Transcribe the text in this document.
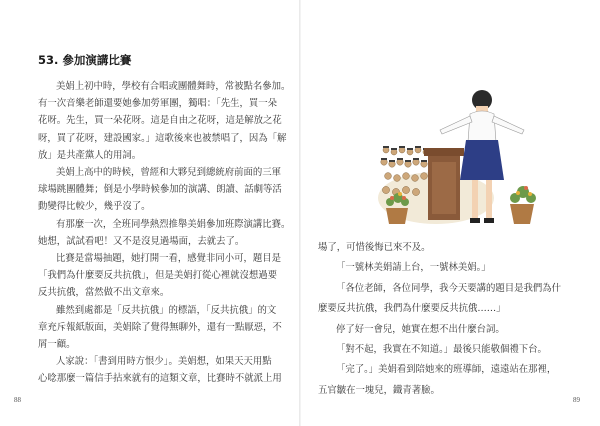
53. 參加演講比賽
美娟上初中時，學校有合唱或團體舞時，常被點名參加。
有一次音樂老師還要她參加勞軍團，獨唱：「先生，買一朵
花呀。先生，買一朵花呀。這是自由之花呀，這是解放之花
呀，買了花呀，建設國家。」這歌後來也被禁唱了，因為「解
放」是共產黨人的用詞。
美娟上高中的時候，曾經和大夥兒到總統府前面的三軍
球場跳團體舞；倒是小學時候參加的演講、朗讀、話劇等活
動變得比較少，幾乎沒了。
有那麼一次，全班同學熱烈推舉美娟參加班際演講比賽。
她想，試試看吧！又不是沒見過場面，去就去了。
比賽是當場抽題，她打開一看，感覺非同小可，題目是
「我們為什麼要反共抗俄」，但是美娟打從心裡就沒想過要
反共抗俄，當然做不出文章來。
雖然到處都是「反共抗俄」的標語，「反共抗俄」的文
章充斥報紙版面，美娟除了覺得無聊外，還有一點厭惡，不
屑一顧。
人家說：「書到用時方恨少」。美娟想，如果天天用點
心唸那麼一篇信手拈來就有的這類文章，比賽時不就派上用
88
場了，可惜後悔已來不及。
「一號林美娟請上台，一號林美娟。」
「各位老師，各位同學，我今天要講的題目是我們為什
麼要反共抗俄，我們為什麼要反共抗俄……」
停了好一會兒，她實在想不出什麼台詞。
「對不起，我實在不知道。」最後只能敬個禮下台。
「完了。」美娟看到陪她來的班導師，遠遠站在那裡，
五官皺在一塊兒，鐵青著臉。
89
